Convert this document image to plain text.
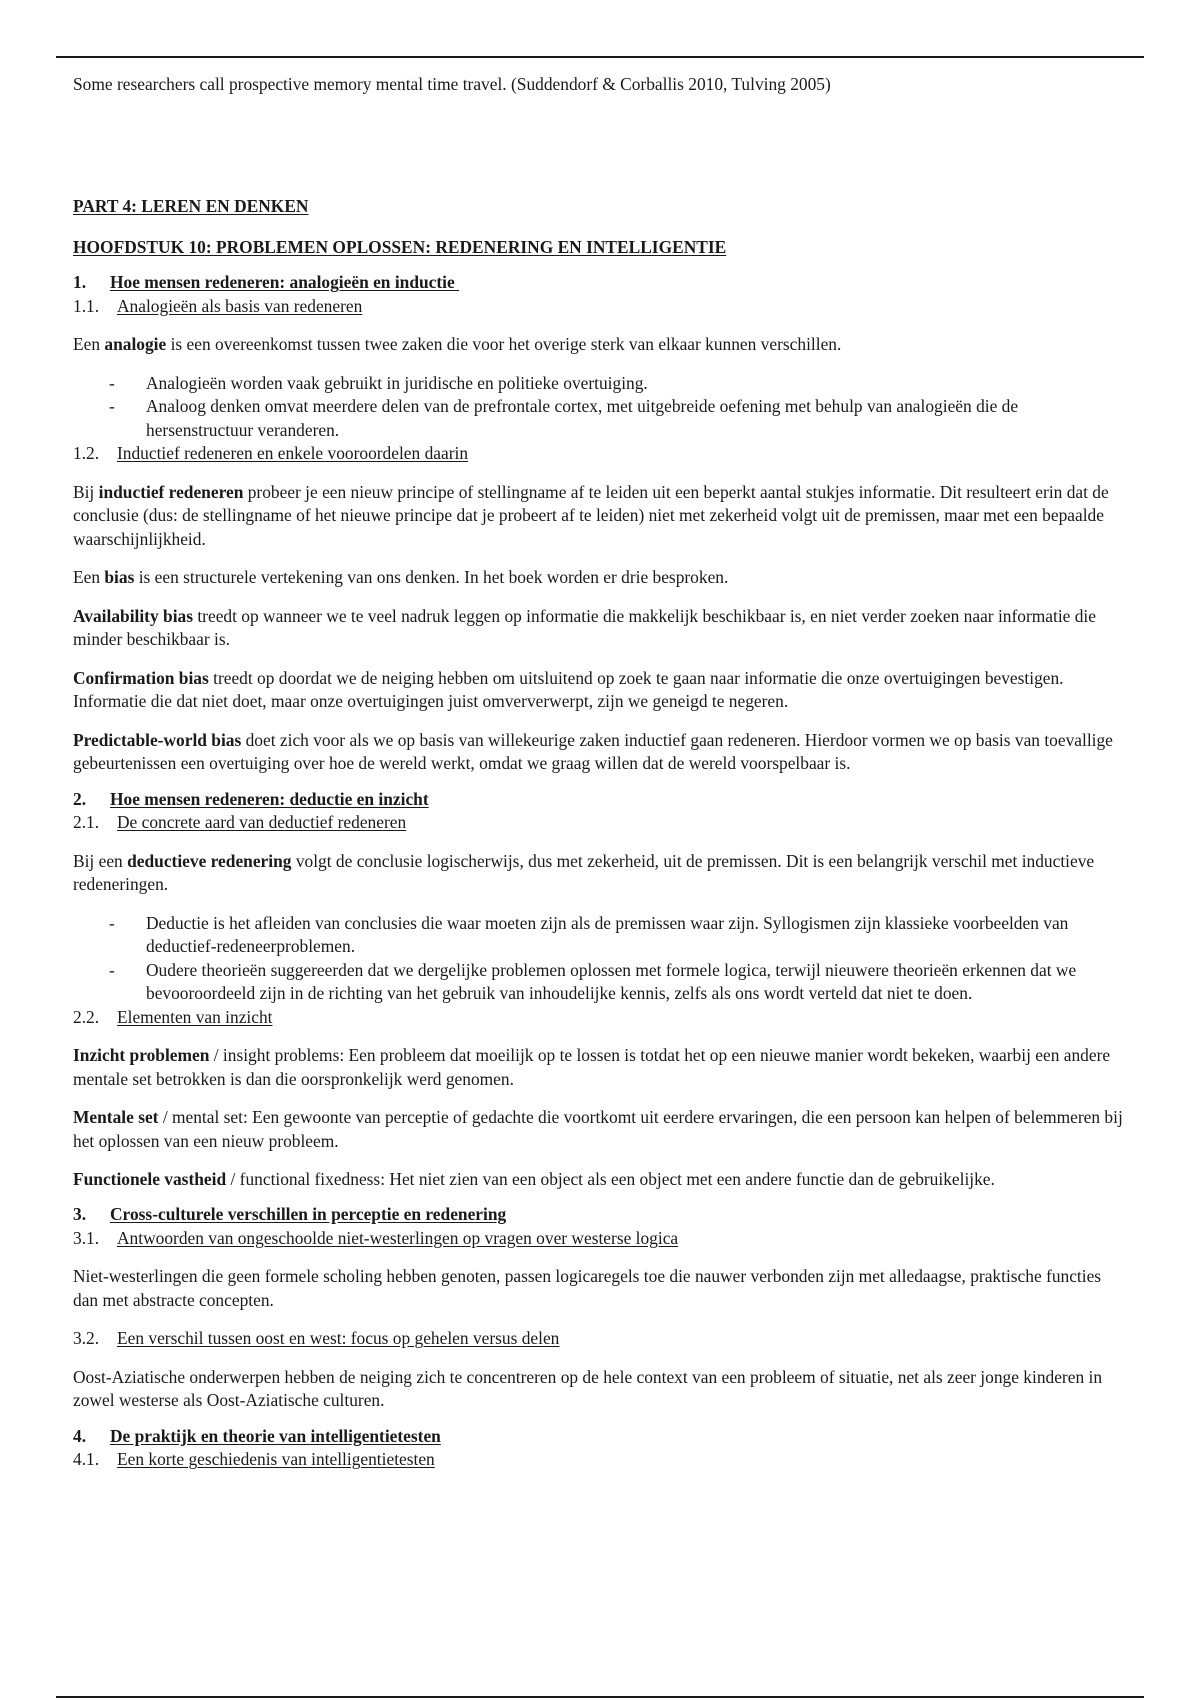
Some researchers call prospective memory mental time travel. (Suddendorf & Corballis 2010, Tulving 2005)

PART 4: LEREN EN DENKEN

HOOFDSTUK 10: PROBLEMEN OPLOSSEN: REDENERING EN INTELLIGENTIE

1.	Hoe mensen redeneren: analogieën en inductie
1.1.	Analogieën als basis van redeneren

Een analogie is een overeenkomst tussen twee zaken die voor het overige sterk van elkaar kunnen verschillen.

- Analogieën worden vaak gebruikt in juridische en politieke overtuiging.
- Analoog denken omvat meerdere delen van de prefrontale cortex, met uitgebreide oefening met behulp van analogieën die de hersenstructuur veranderen.
1.2.	Inductief redeneren en enkele vooroordelen daarin

Bij inductief redeneren probeer je een nieuw principe of stellingname af te leiden uit een beperkt aantal stukjes informatie. Dit resulteert erin dat de conclusie (dus: de stellingname of het nieuwe principe dat je probeert af te leiden) niet met zekerheid volgt uit de premissen, maar met een bepaalde waarschijnlijkheid.

Een bias is een structurele vertekening van ons denken. In het boek worden er drie besproken.

Availability bias treedt op wanneer we te veel nadruk leggen op informatie die makkelijk beschikbaar is, en niet verder zoeken naar informatie die minder beschikbaar is.

Confirmation bias treedt op doordat we de neiging hebben om uitsluitend op zoek te gaan naar informatie die onze overtuigingen bevestigen. Informatie die dat niet doet, maar onze overtuigingen juist omververwerpt, zijn we geneigd te negeren.

Predictable-world bias doet zich voor als we op basis van willekeurige zaken inductief gaan redeneren. Hierdoor vormen we op basis van toevallige gebeurtenissen een overtuiging over hoe de wereld werkt, omdat we graag willen dat de wereld voorspelbaar is.

2.	Hoe mensen redeneren: deductie en inzicht
2.1.	De concrete aard van deductief redeneren

Bij een deductieve redenering volgt de conclusie logischerwijs, dus met zekerheid, uit de premissen. Dit is een belangrijk verschil met inductieve redeneringen.

- Deductie is het afleiden van conclusies die waar moeten zijn als de premissen waar zijn. Syllogismen zijn klassieke voorbeelden van deductief-redeneerproblemen.
- Oudere theorieën suggereerden dat we dergelijke problemen oplossen met formele logica, terwijl nieuwere theorieën erkennen dat we bevooroordeeld zijn in de richting van het gebruik van inhoudelijke kennis, zelfs als ons wordt verteld dat niet te doen.
2.2.	Elementen van inzicht

Inzicht problemen / insight problems: Een probleem dat moeilijk op te lossen is totdat het op een nieuwe manier wordt bekeken, waarbij een andere mentale set betrokken is dan die oorspronkelijk werd genomen.

Mentale set / mental set: Een gewoonte van perceptie of gedachte die voortkomt uit eerdere ervaringen, die een persoon kan helpen of belemmeren bij het oplossen van een nieuw probleem.

Functionele vastheid / functional fixedness: Het niet zien van een object als een object met een andere functie dan de gebruikelijke.

3.	Cross-culturele verschillen in perceptie en redenering
3.1.	Antwoorden van ongeschoolde niet-westerlingen op vragen over westerse logica

Niet-westerlingen die geen formele scholing hebben genoten, passen logicaregels toe die nauwer verbonden zijn met alledaagse, praktische functies dan met abstracte concepten.

3.2.	Een verschil tussen oost en west: focus op gehelen versus delen

Oost-Aziatische onderwerpen hebben de neiging zich te concentreren op de hele context van een probleem of situatie, net als zeer jonge kinderen in zowel westerse als Oost-Aziatische culturen.

4.	De praktijk en theorie van intelligentietesten
4.1.	Een korte geschiedenis van intelligentietesten
